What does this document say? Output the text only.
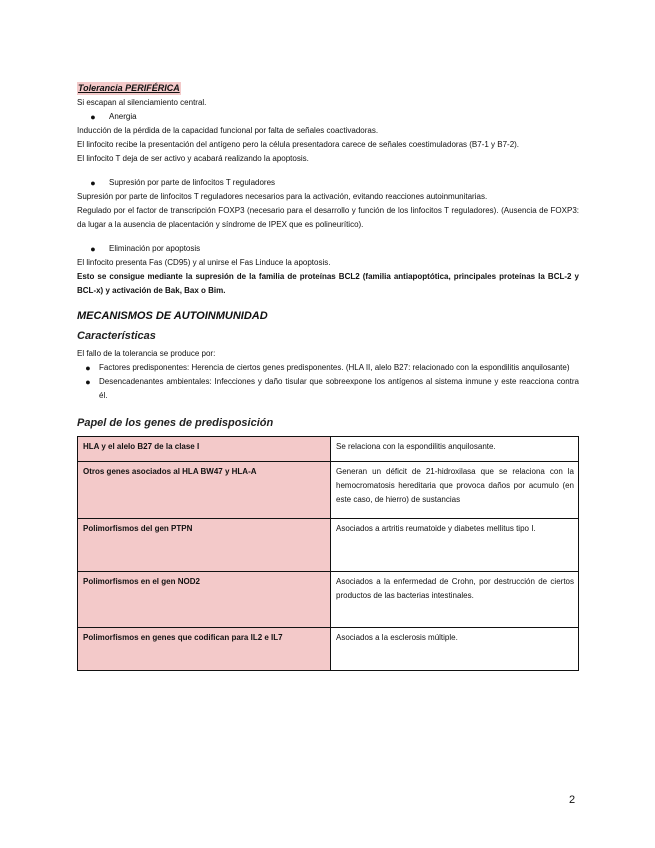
Tolerancia PERIFÉRICA

Si escapan al silenciamiento central.

●	Anergia

Inducción de la pérdida de la capacidad funcional por falta de señales coactivadoras.

El linfocito recibe la presentación del antígeno pero la célula presentadora carece de señales coestimuladoras (B7-1 y B7-2).

El linfocito T deja de ser activo y acabará realizando la apoptosis.

●	Supresión por parte de linfocitos T reguladores

Supresión por parte de linfocitos T reguladores necesarios para la activación, evitando reacciones autoinmunitarias.

Regulado por el factor de transcripción FOXP3 (necesario para el desarrollo y función de los linfocitos T reguladores). (Ausencia de FOXP3: da lugar a la ausencia de placentación y síndrome de IPEX que es polineurítico).

●	Eliminación por apoptosis

El linfocito presenta Fas (CD95) y al unirse el Fas Linduce la apoptosis.

Esto se consigue mediante la supresión de la familia de proteínas BCL2 (familia antiapoptótica, principales proteínas la BCL-2 y BCL-x) y activación de Bak, Bax o Bim.

MECANISMOS DE AUTOINMUNIDAD
Características

El fallo de la tolerancia se produce por:

●	Factores predisponentes: Herencia de ciertos genes predisponentes. (HLA II, alelo B27: relacionado con la espondilitis anquilosante)
●	Desencadenantes ambientales: Infecciones y daño tisular que sobreexpone los antígenos al sistema inmune y este reacciona contra él.
Papel de los genes de predisposición
HLA y el alelo B27 de la clase I	Se relaciona con la espondilitis anquilosante.
Otros genes asociados al HLA BW47 y HLA-A	Generan un déficit de 21-hidroxilasa que se relaciona con la hemocromatosis hereditaria que provoca daños por acumulo (en este caso, de hierro) de sustancias
Polimorfismos del gen PTPN	Asociados a artritis reumatoide y diabetes mellitus tipo I.
Polimorfismos en el gen NOD2	Asociados a la enfermedad de Crohn, por destrucción de ciertos productos de las bacterias intestinales.
Polimorfismos en genes que codifican para IL2 e IL7	Asociados a la esclerosis múltiple.
2
